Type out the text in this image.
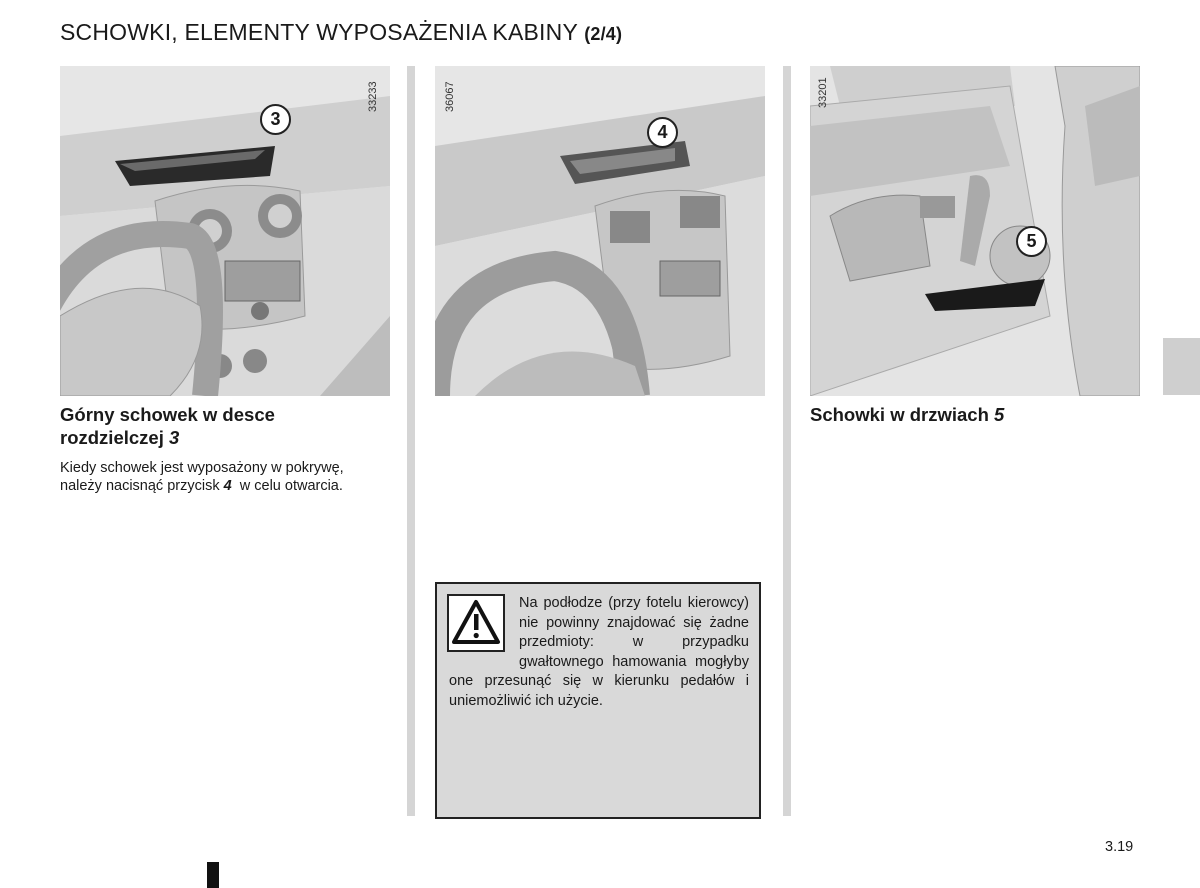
SCHOWKI, ELEMENTY WYPOSAŻENIA KABINY (2/4)
33233
3
36067
4
33201
5
Górny schowek w desce
rozdzielczej 3
Kiedy schowek jest wyposażony w pokrywę,
należy nacisnąć przycisk 4 w celu otwarcia.
Schowki w drzwiach 5
Na podłodze (przy fotelu kierowcy) nie powinny znajdować się żadne przedmioty: w przypadku gwałtownego hamowania mogłyby one przesunąć się w kierunku pedałów i uniemożliwić ich użycie.
3.19
